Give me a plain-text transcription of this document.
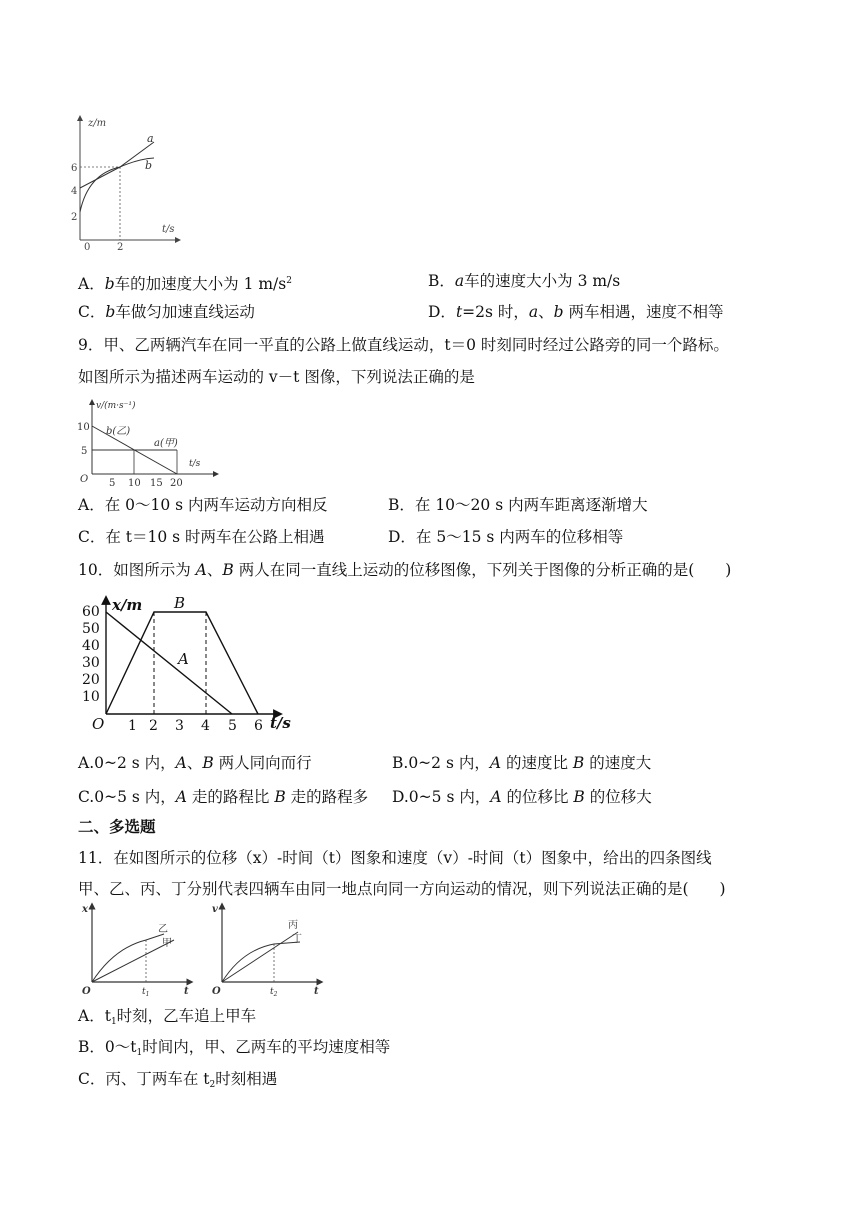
z/m
t/s
2
4
6
0	2
a
b
A．b车的加速度大小为 1 $m/s^2$	B．a车的速度大小为 3 m/s
C．b车做匀加速直线运动	D．t=2s 时，a、b 两车相遇，速度不相等
9．甲、乙两辆汽车在同一平直的公路上做直线运动，t＝0 时刻同时经过公路旁的同一个路标。
如图所示为描述两车运动的 v－t 图像，下列说法正确的是
v/(m·s⁻¹)
t/s
10
5
O 5 10 15 20
b(乙)
a(甲)
A．在 0～10 s 内两车运动方向相反	B．在 10～20 s 内两车距离逐渐增大
C．在 t＝10 s 时两车在公路上相遇	D．在 5～15 s 内两车的位移相等
10．如图所示为 A、B 两人在同一直线上运动的位移图像，下列关于图像的分析正确的是(　　)
x/m
t/s
O
10
20
30
40
50
60
1 2 3 4 5 6
B
A
A.0~2 s 内，A、B 两人同向而行	B.0~2 s 内，A 的速度比 B 的速度大
C.0~5 s 内，A 走的路程比 B 走的路程多 D.0~5 s 内，A 的位移比 B 的位移大
二、多选题
11．在如图所示的位移（x）-时间（t）图象和速度（v）-时间（t）图象中，给出的四条图线
甲、乙、丙、丁分别代表四辆车由同一地点向同一方向运动的情况，则下列说法正确的是(　　)
x
t
O	$t_1$
乙
甲
v
t
O	$t_2$
丙
丁
A．$t_1$时刻，乙车追上甲车
B．$0\sim t_1$时间内，甲、乙两车的平均速度相等
C．丙、丁两车在 $t_2$时刻相遇
